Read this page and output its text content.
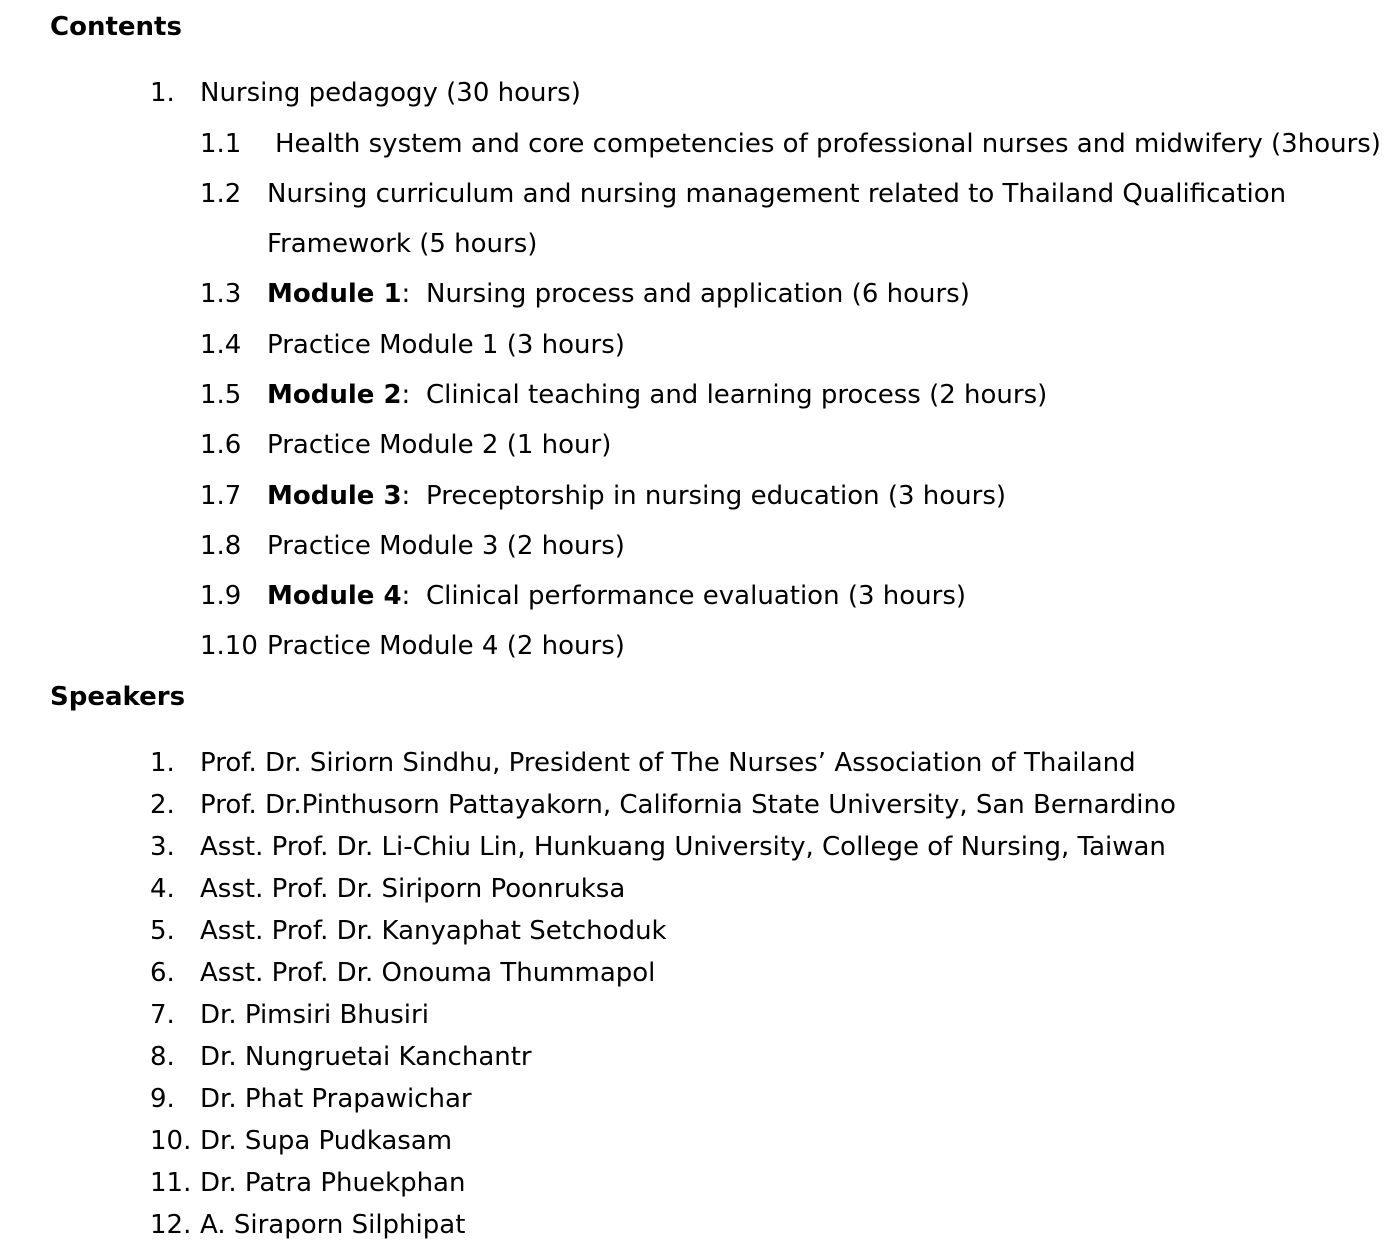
Contents
1. Nursing pedagogy (30 hours)
1.1 Health system and core competencies of professional nurses and midwifery (3hours)
1.2 Nursing curriculum and nursing management related to Thailand Qualification
Framework (5 hours)
1.3 Module 1: Nursing process and application (6 hours)
1.4 Practice Module 1 (3 hours)
1.5 Module 2: Clinical teaching and learning process (2 hours)
1.6 Practice Module 2 (1 hour)
1.7 Module 3: Preceptorship in nursing education (3 hours)
1.8 Practice Module 3 (2 hours)
1.9 Module 4: Clinical performance evaluation (3 hours)
1.10 Practice Module 4 (2 hours)
Speakers
1. Prof. Dr. Siriorn Sindhu, President of The Nurses’ Association of Thailand
2. Prof. Dr.Pinthusorn Pattayakorn, California State University, San Bernardino
3. Asst. Prof. Dr. Li-Chiu Lin, Hunkuang University, College of Nursing, Taiwan
4. Asst. Prof. Dr. Siriporn Poonruksa
5. Asst. Prof. Dr. Kanyaphat Setchoduk
6. Asst. Prof. Dr. Onouma Thummapol
7. Dr. Pimsiri Bhusiri
8. Dr. Nungruetai Kanchantr
9. Dr. Phat Prapawichar
10. Dr. Supa Pudkasam
11. Dr. Patra Phuekphan
12. A. Siraporn Silphipat
